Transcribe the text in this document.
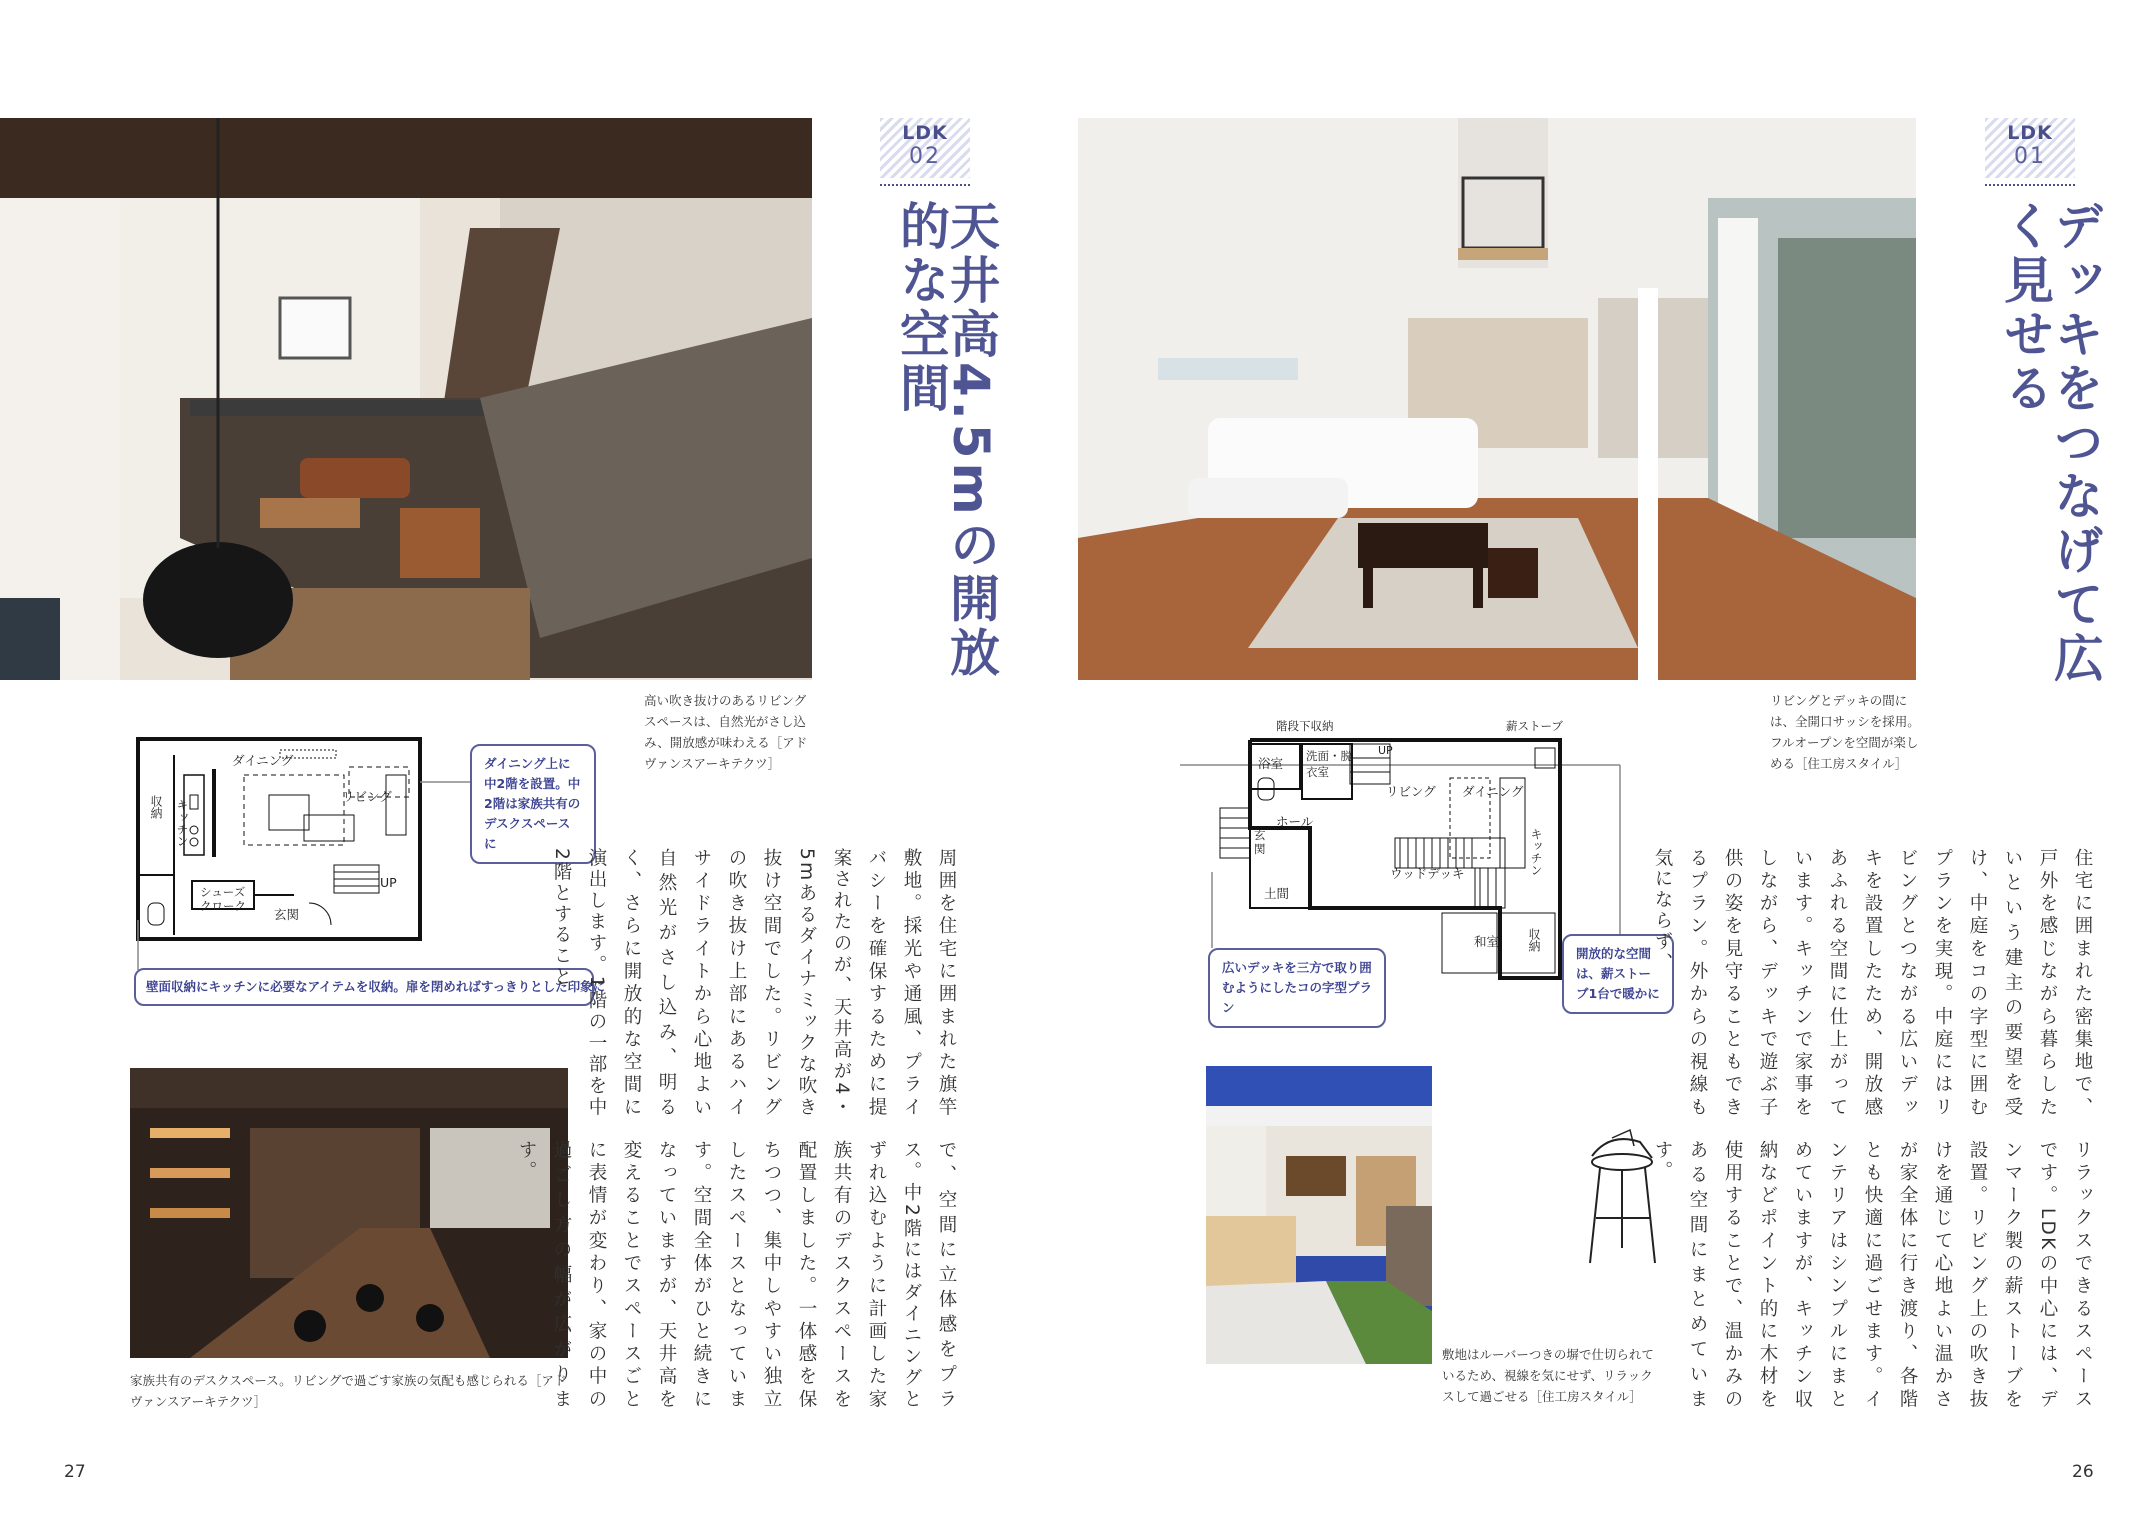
LDK
02
天井高4.5mの開放的な空間
高い吹き抜けのあるリビングスペースは、自然光がさし込み、開放感が味わえる［アドヴァンスアーキテクツ］
ダイニング
リビング
収納 キッチン
UP
シューズクローク
玄関
ダイニング上に中2階を設置。中2階は家族共有のデスクスペースに
壁面収納にキッチンに必要なアイテムを収納。扉を閉めればすっきりとした印象に
家族共有のデスクスペース。リビングで過ごす家族の気配も感じられる［アドヴァンスアーキテクツ］
周囲を住宅に囲まれた旗竿敷地。採光や通風、プライバシーを確保するために提案されたのが、天井高が4・5mあるダイナミックな吹き抜け空間でした。リビングの吹き抜け上部にあるハイサイドライトから心地よい自然光がさし込み、明るく、さらに開放的な空間に演出します。1階の一部を中2階とすること
で、空間に立体感をプラス。中2階にはダイニングとずれ込むように計画した家族共有のデスクスペースを配置しました。一体感を保ちつつ、集中しやすい独立したスペースとなっています。空間全体がひと続きになっていますが、天井高を変えることでスペースごとに表情が変わり、家の中の過ごし方の幅が広がります。
27
LDK
01
デッキをつなげて広く見せる
リビングとデッキの間には、全開口サッシを採用。フルオープンを空間が楽しめる［住工房スタイル］
階段下収納	薪ストーブ
浴室 洗面・脱衣室
UP
リビング ダイニング
キッチン
玄関
ホール
土間
ウッドデッキ
和室 収納
広いデッキを三方で取り囲むようにしたコの字型プラン
開放的な空間は、薪ストーブ1台で暖かに
敷地はルーバーつきの塀で仕切られているため、視線を気にせず、リラックスして過ごせる［住工房スタイル］
住宅に囲まれた密集地で、戸外を感じながら暮らしたいという建主の要望を受け、中庭をコの字型に囲むプランを実現。中庭にはリビングとつながる広いデッキを設置したため、開放感あふれる空間に仕上がっています。キッチンで家事をしながら、デッキで遊ぶ子供の姿を見守ることもできるプラン。外からの視線も気にならず、
リラックスできるスペースです。LDKの中心には、デンマーク製の薪ストーブを設置。リビング上の吹き抜けを通じて心地よい温かさが家全体に行き渡り、各階とも快適に過ごせます。インテリアはシンプルにまとめていますが、キッチン収納などポイント的に木材を使用することで、温かみのある空間にまとめています。
26
